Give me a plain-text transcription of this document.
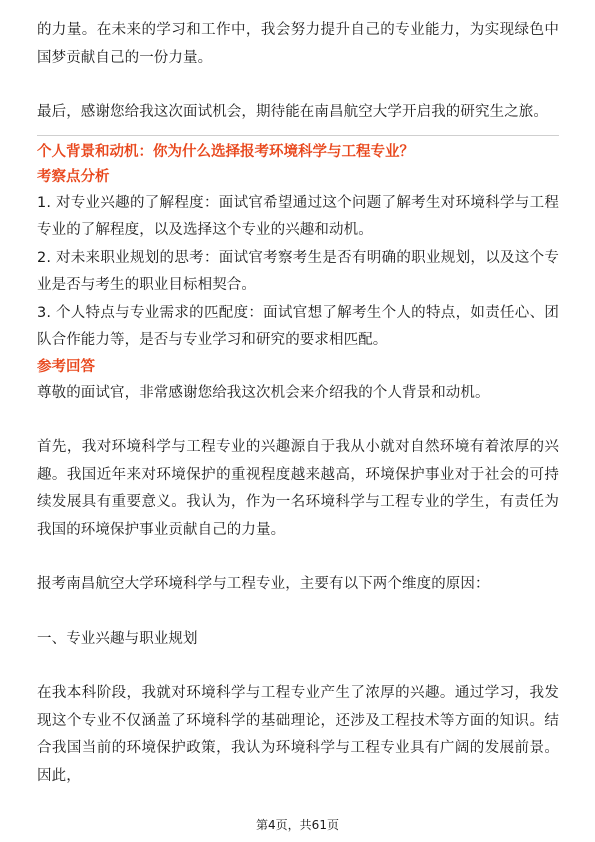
的力量。在未来的学习和工作中，我会努力提升自己的专业能力，为实现绿色中国梦贡献自己的一份力量。

最后，感谢您给我这次面试机会，期待能在南昌航空大学开启我的研究生之旅。

个人背景和动机：你为什么选择报考环境科学与工程专业？
考察点分析

1. 对专业兴趣的了解程度：面试官希望通过这个问题了解考生对环境科学与工程专业的了解程度，以及选择这个专业的兴趣和动机。

2. 对未来职业规划的思考：面试官考察考生是否有明确的职业规划，以及这个专业是否与考生的职业目标相契合。

3. 个人特点与专业需求的匹配度：面试官想了解考生个人的特点，如责任心、团队合作能力等，是否与专业学习和研究的要求相匹配。

参考回答

尊敬的面试官，非常感谢您给我这次机会来介绍我的个人背景和动机。

首先，我对环境科学与工程专业的兴趣源自于我从小就对自然环境有着浓厚的兴趣。我国近年来对环境保护的重视程度越来越高，环境保护事业对于社会的可持续发展具有重要意义。我认为，作为一名环境科学与工程专业的学生，有责任为我国的环境保护事业贡献自己的力量。

报考南昌航空大学环境科学与工程专业，主要有以下两个维度的原因：

一、专业兴趣与职业规划

在我本科阶段，我就对环境科学与工程专业产生了浓厚的兴趣。通过学习，我发现这个专业不仅涵盖了环境科学的基础理论，还涉及工程技术等方面的知识。结合我国当前的环境保护政策，我认为环境科学与工程专业具有广阔的发展前景。因此，

第4页，共61页
